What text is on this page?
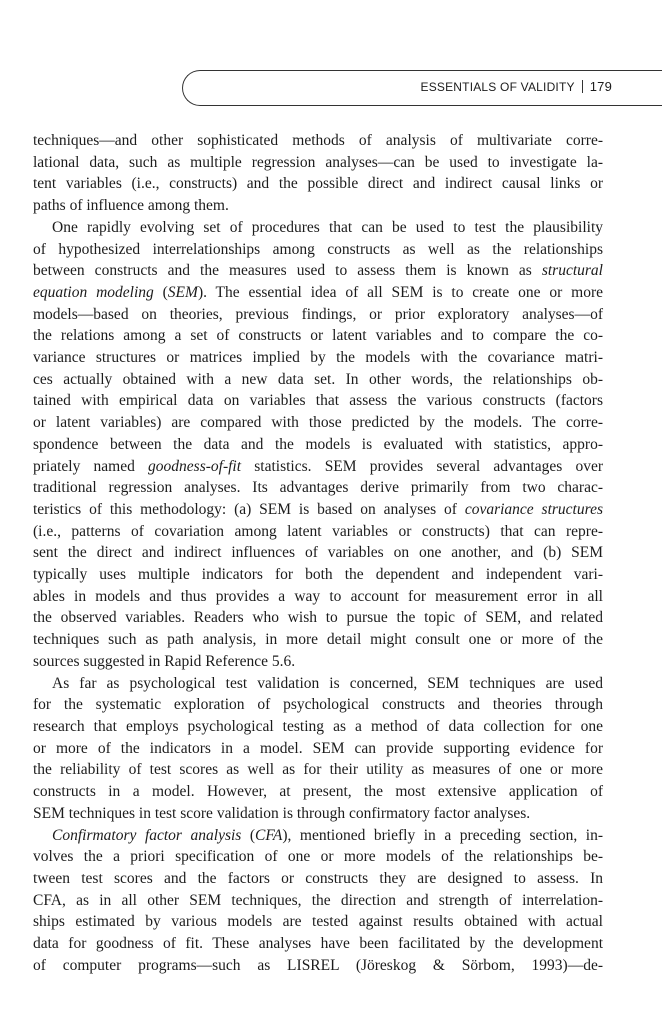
ESSENTIALS OF VALIDITY 179

techniques—and other sophisticated methods of analysis of multivariate corre-
lational data, such as multiple regression analyses—can be used to investigate la-
tent variables (i.e., constructs) and the possible direct and indirect causal links or
paths of influence among them.

One rapidly evolving set of procedures that can be used to test the plausibility
of hypothesized interrelationships among constructs as well as the relationships
between constructs and the measures used to assess them is known as structural
equation modeling (SEM). The essential idea of all SEM is to create one or more
models—based on theories, previous findings, or prior exploratory analyses—of
the relations among a set of constructs or latent variables and to compare the co-
variance structures or matrices implied by the models with the covariance matri-
ces actually obtained with a new data set. In other words, the relationships ob-
tained with empirical data on variables that assess the various constructs (factors
or latent variables) are compared with those predicted by the models. The corre-
spondence between the data and the models is evaluated with statistics, appro-
priately named goodness-of-fit statistics. SEM provides several advantages over
traditional regression analyses. Its advantages derive primarily from two charac-
teristics of this methodology: (a) SEM is based on analyses of covariance structures
(i.e., patterns of covariation among latent variables or constructs) that can repre-
sent the direct and indirect influences of variables on one another, and (b) SEM
typically uses multiple indicators for both the dependent and independent vari-
ables in models and thus provides a way to account for measurement error in all
the observed variables. Readers who wish to pursue the topic of SEM, and related
techniques such as path analysis, in more detail might consult one or more of the
sources suggested in Rapid Reference 5.6.

As far as psychological test validation is concerned, SEM techniques are used
for the systematic exploration of psychological constructs and theories through
research that employs psychological testing as a method of data collection for one
or more of the indicators in a model. SEM can provide supporting evidence for
the reliability of test scores as well as for their utility as measures of one or more
constructs in a model. However, at present, the most extensive application of
SEM techniques in test score validation is through confirmatory factor analyses.

Confirmatory factor analysis (CFA), mentioned briefly in a preceding section, in-
volves the a priori specification of one or more models of the relationships be-
tween test scores and the factors or constructs they are designed to assess. In
CFA, as in all other SEM techniques, the direction and strength of interrelation-
ships estimated by various models are tested against results obtained with actual
data for goodness of fit. These analyses have been facilitated by the development
of computer programs—such as LISREL (Jöreskog & Sörbom, 1993)—de-
